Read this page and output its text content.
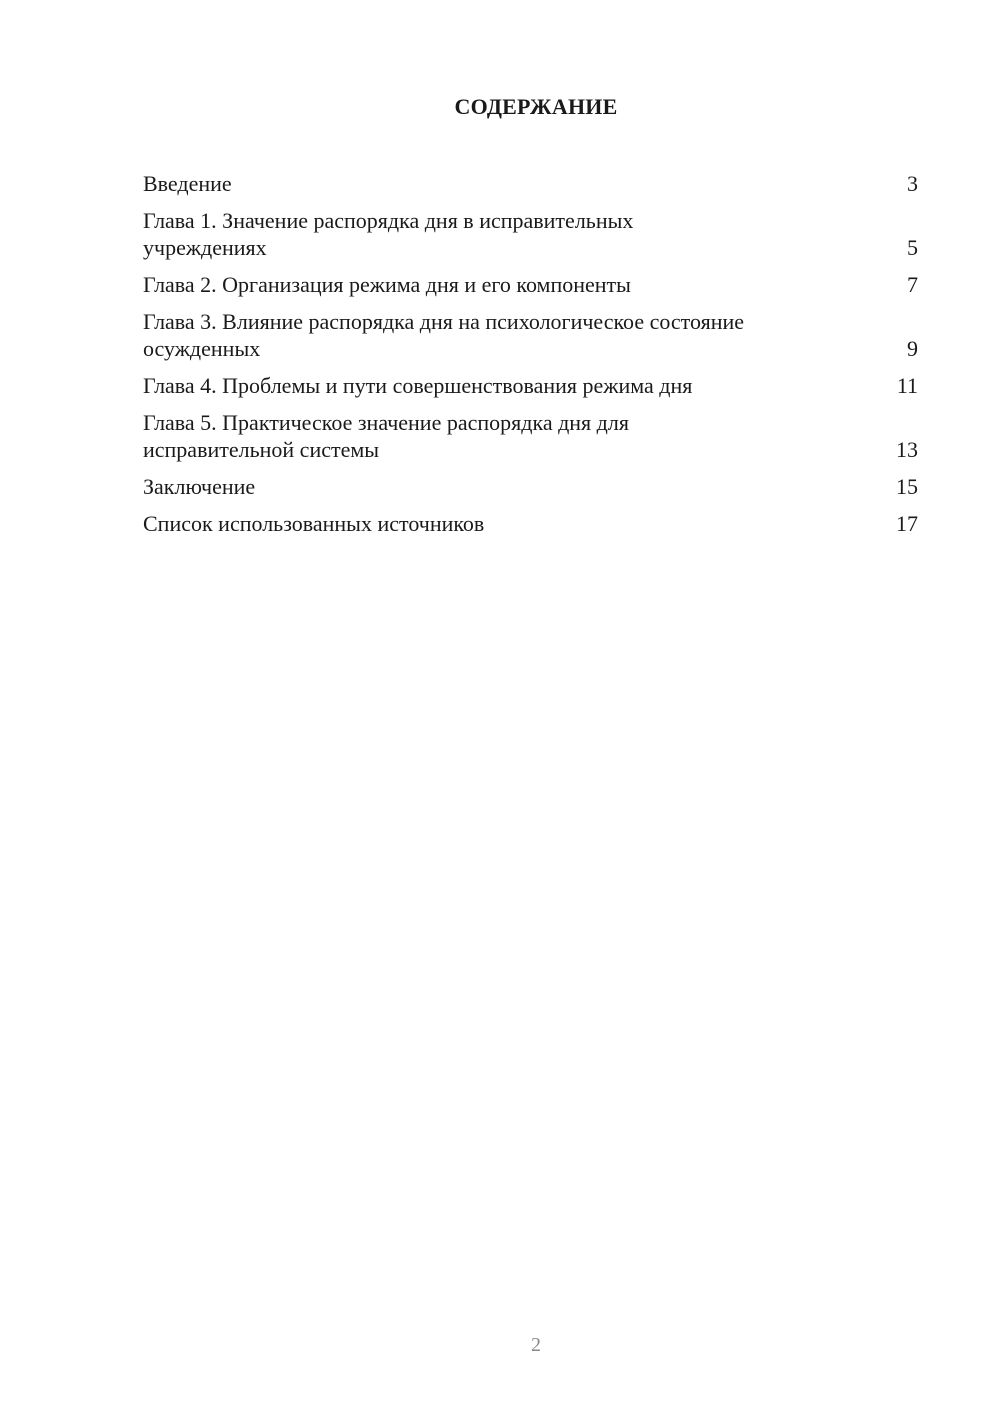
СОДЕРЖАНИЕ
Введение	3
Глава 1. Значение распорядка дня в исправительных
учреждениях	5
Глава 2. Организация режима дня и его компоненты	7
Глава 3. Влияние распорядка дня на психологическое состояние
осужденных	9
Глава 4. Проблемы и пути совершенствования режима дня	11
Глава 5. Практическое значение распорядка дня для
исправительной системы	13
Заключение	15
Список использованных источников	17
2
